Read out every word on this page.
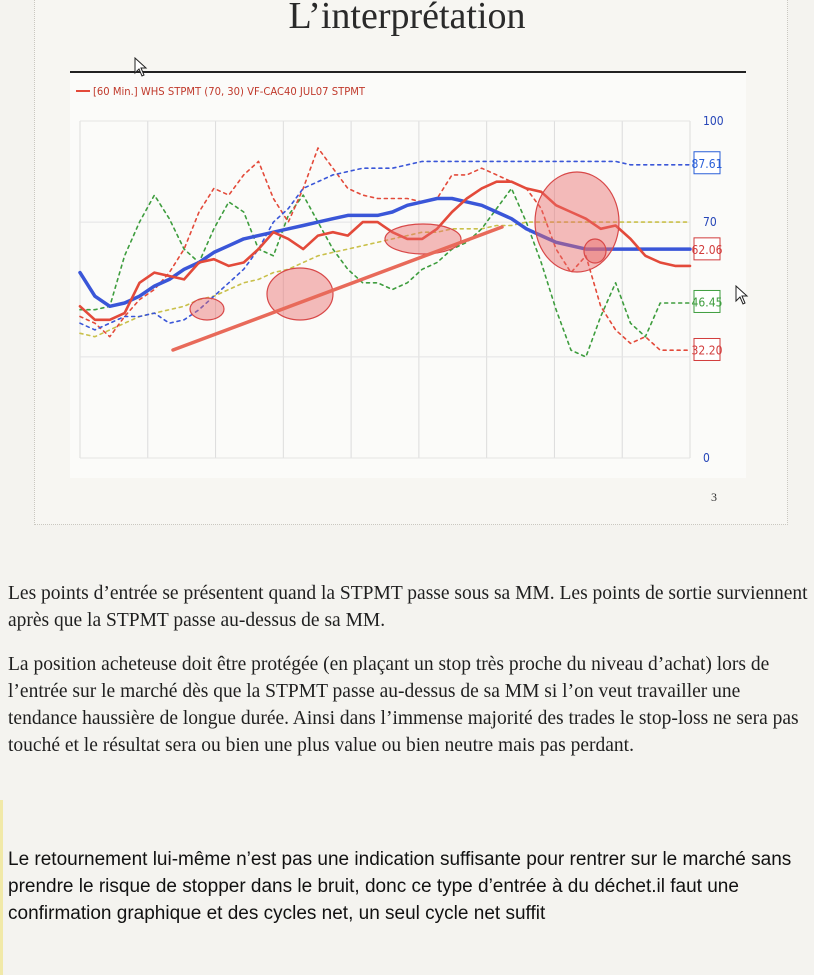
L’interprétation
[60 Min.] WHS STPMT (70, 30) VF-CAC40 JUL07 STPMT
100
70
0
87.61
62.06
46.45
32.20
3
Les points d’entrée se présentent quand la STPMT passe sous sa MM. Les points de sortie surviennent après que la STPMT passe au-dessus de sa MM.
La position acheteuse doit être protégée (en plaçant un stop très proche du niveau d’achat) lors de l’entrée sur le marché dès que la STPMT passe au-dessus de sa MM si l’on veut travailler une tendance haussière de longue durée. Ainsi dans l’immense majorité des trades le stop-loss ne sera pas touché et le résultat sera ou bien une plus value ou bien neutre mais pas perdant.
Le retournement lui-même n’est pas une indication suffisante pour rentrer sur le marché sans prendre le risque de stopper dans le bruit, donc ce type d’entrée à du déchet.il faut une confirmation graphique et des cycles net, un seul cycle net suffit
